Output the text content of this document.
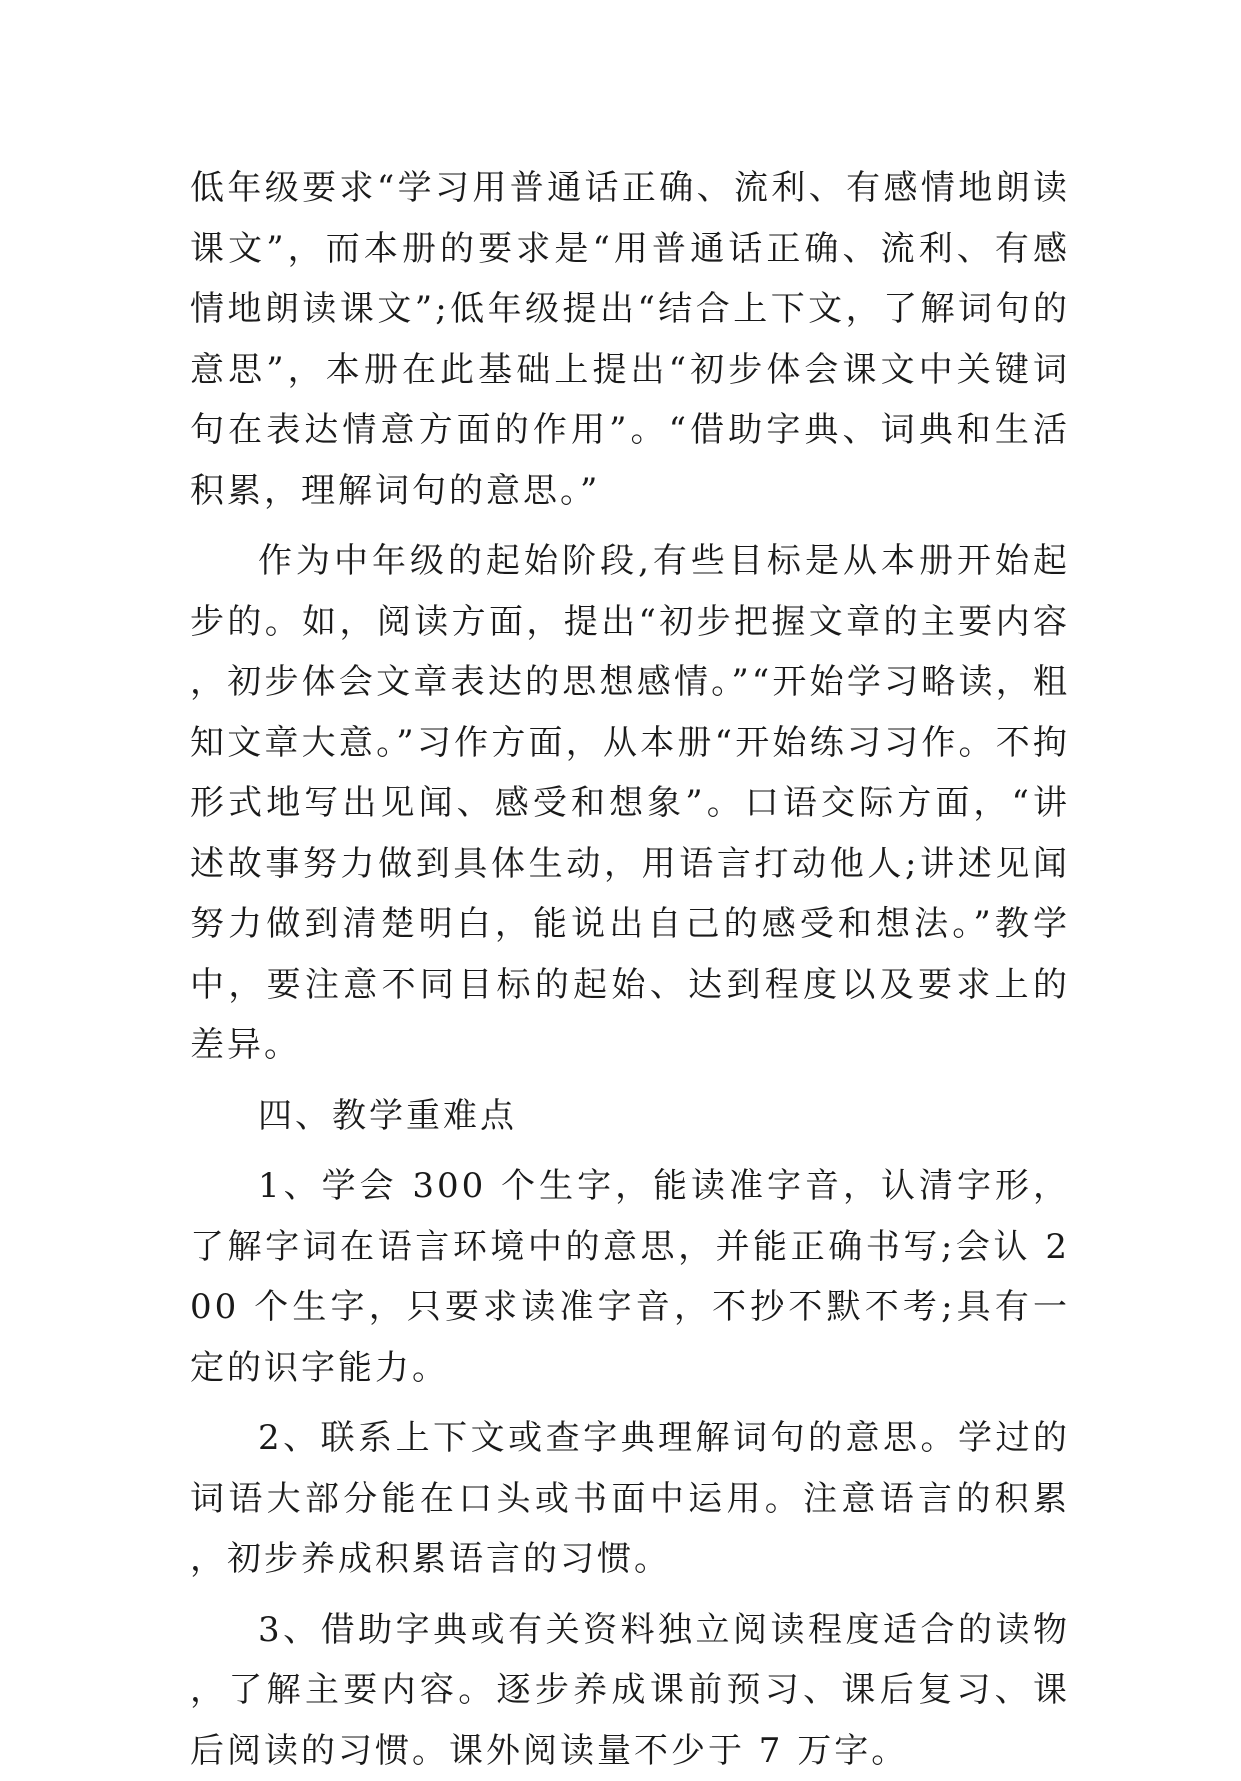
低年级要求“学习用普通话正确、流利、有感情地朗读课文”，而本册的要求是“用普通话正确、流利、有感情地朗读课文”;低年级提出“结合上下文，了解词句的意思”，本册在此基础上提出“初步体会课文中关键词句在表达情意方面的作用”。“借助字典、词典和生活积累，理解词句的意思。”

作为中年级的起始阶段,有些目标是从本册开始起步的。如，阅读方面，提出“初步把握文章的主要内容，初步体会文章表达的思想感情。”“开始学习略读，粗知文章大意。”习作方面，从本册“开始练习习作。不拘形式地写出见闻、感受和想象”。口语交际方面，“讲述故事努力做到具体生动，用语言打动他人;讲述见闻努力做到清楚明白，能说出自己的感受和想法。”教学中，要注意不同目标的起始、达到程度以及要求上的差异。

四、教学重难点

1、学会 300 个生字，能读准字音，认清字形，了解字词在语言环境中的意思，并能正确书写;会认 200 个生字，只要求读准字音，不抄不默不考;具有一定的识字能力。

2、联系上下文或查字典理解词句的意思。学过的词语大部分能在口头或书面中运用。注意语言的积累，初步养成积累语言的习惯。

3、借助字典或有关资料独立阅读程度适合的读物，了解主要内容。逐步养成课前预习、课后复习、课后阅读的习惯。课外阅读量不少于 7 万字。
